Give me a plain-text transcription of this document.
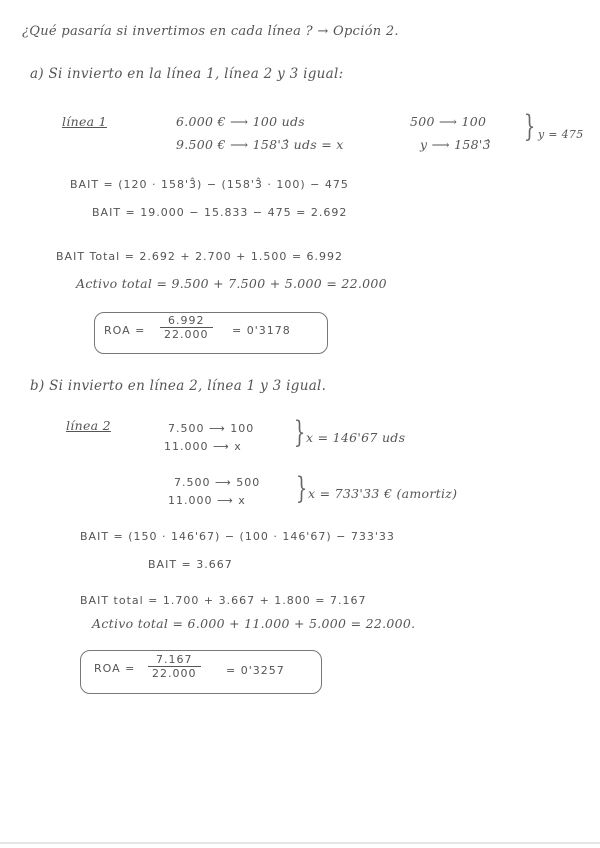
¿Qué pasaría si invertimos en cada línea ? → Opción 2.
a) Si invierto en la línea 1, línea 2 y 3 igual:
línea 1	6.000 € ⟶ 100 uds
9.500 € ⟶ 158'3̂ uds = x
500 ⟶ 100
y ⟶ 158'3̂
} y = 475
BAIT = (120 · 158'3̂) − (158'3̂ · 100) − 475
BAIT = 19.000 − 15.833 − 475 = 2.692
BAIT Total = 2.692 + 2.700 + 1.500 = 6.992
Activo total = 9.500 + 7.500 + 5.000 = 22.000
ROA = $\frac{6.992}{22.000} = 0'3178$
b) Si invierto en línea 2, línea 1 y 3 igual.
línea 2	7.500 ⟶ 100
11.000 ⟶ x } x = 146'67 uds
7.500 ⟶ 500
11.000 ⟶ x } x = 733'33 € (amortiz)
BAIT = (150 · 146'67) − (100 · 146'67) − 733'33
BAIT = 3.667
BAIT total = 1.700 + 3.667 + 1.800 = 7.167
Activo total = 6.000 + 11.000 + 5.000 = 22.000.
ROA = $\frac{7.167}{22.000} = 0'3257$
